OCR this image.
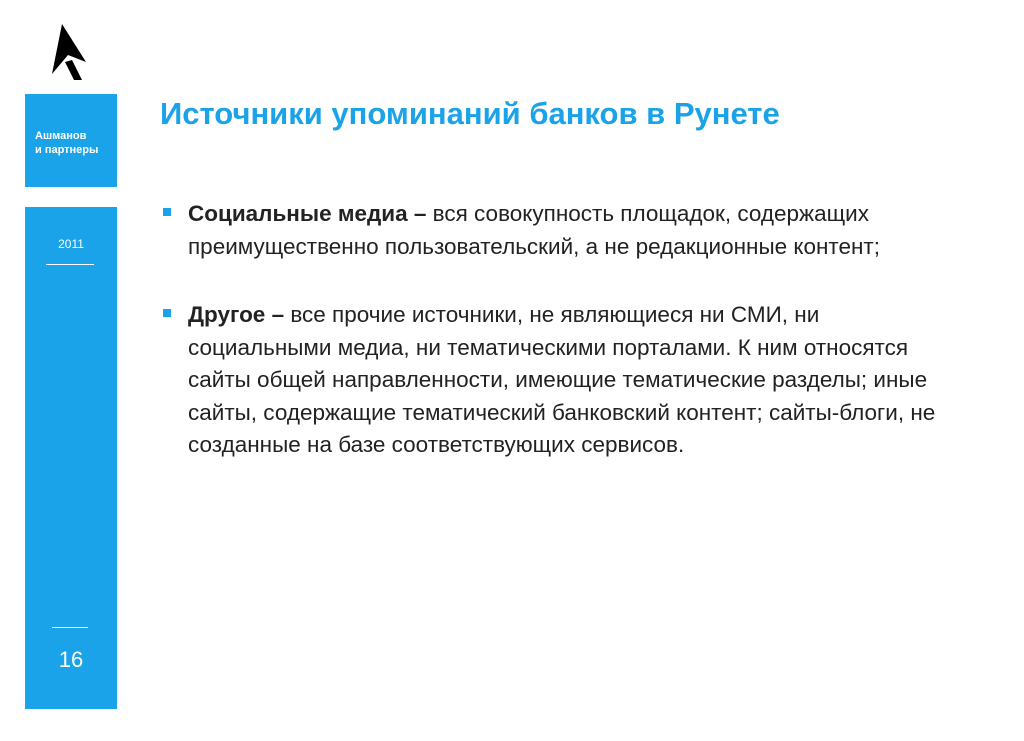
Ашманов
и партнеры
2011
16
Источники упоминаний банков в Рунете
Социальные медиа – вся совокупность площадок, содержащих преимущественно пользовательский, а не редакционные контент;
Другое – все прочие источники, не являющиеся ни СМИ, ни социальными медиа, ни тематическими порталами. К ним относятся сайты общей направленности, имеющие тематические разделы; иные сайты, содержащие тематический банковский контент; сайты-блоги, не созданные на базе соответствующих сервисов.
